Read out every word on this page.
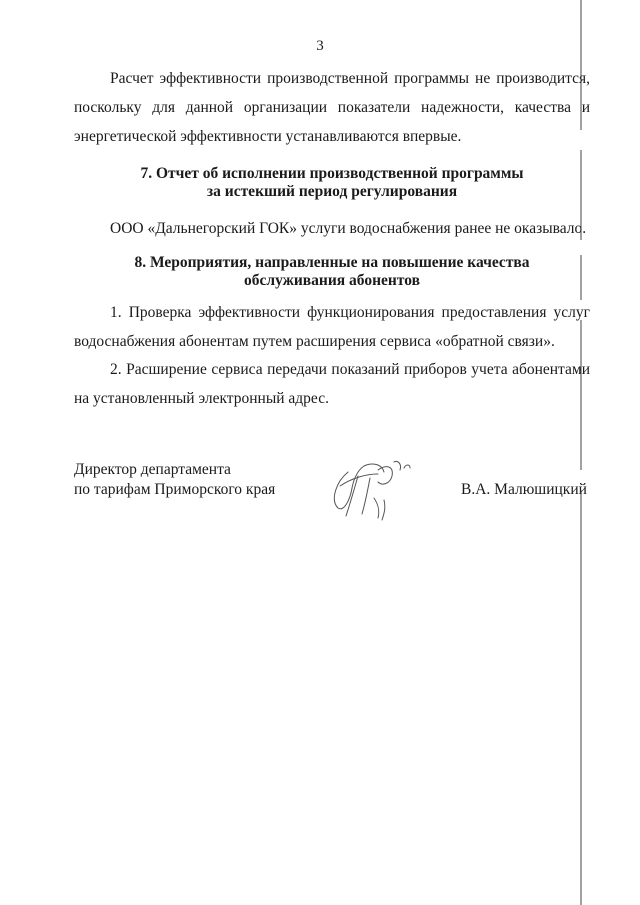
3
Расчет эффективности производственной программы не производится, поскольку для данной организации показатели надежности, качества и энергетической эффективности устанавливаются впервые.
7. Отчет об исполнении производственной программы
за истекший период регулирования
ООО «Дальнегорский ГОК» услуги водоснабжения ранее не оказывало.
8. Мероприятия, направленные на повышение качества
обслуживания абонентов
1. Проверка эффективности функционирования предоставления услуг водоснабжения абонентам путем расширения сервиса «обратной связи».
2. Расширение сервиса передачи показаний приборов учета абонентами на установленный электронный адрес.
Директор департамента
по тарифам Приморского края	В.А. Малюшицкий
